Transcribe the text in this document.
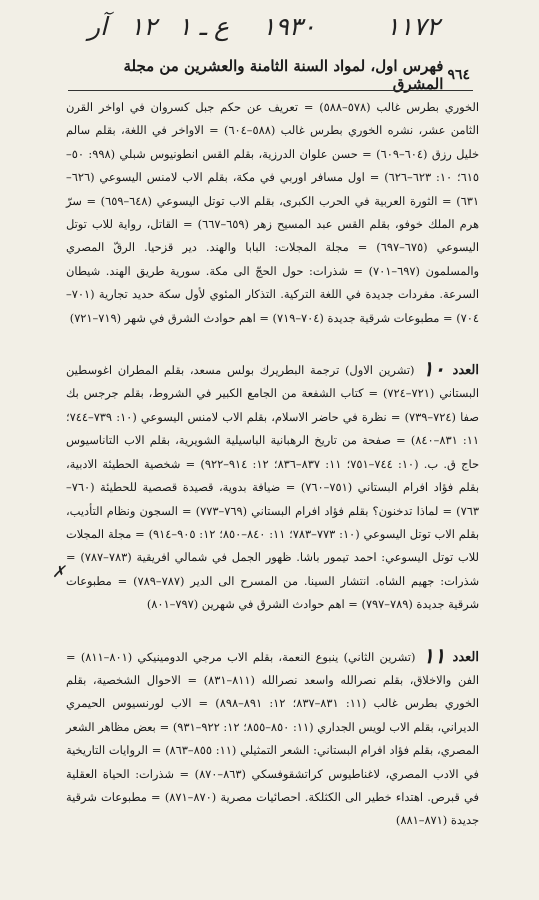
آر ١٢ ـ ١ ع ١٩٣٠	١١٧٢
٩٦٤
فهرس اول، لمواد السنة الثامنة والعشرين من مجلة المشرق

الخوري بطرس غالب (٥٧٨–٥٨٨) = تعريف عن حكم جبل كسروان في اواخر القرن الثامن عشر، نشره الخوري بطرس غالب (٥٨٨–٦٠٤) = الاواخر في اللغة، بقلم سالم خليل رزق (٦٠٤–٦٠٩) = حسن علوان الدرزية، بقلم القس انطونيوس شبلي (٩٩٨: ٥٠–٦١٥؛ ١٠: ٦٢٣–٦٢٦) = اول مسافر اوربي في مكة، بقلم الاب لامنس اليسوعي (٦٢٦–٦٣١) = الثورة العربية في الحرب الكبرى، بقلم الاب توتل اليسوعي (٦٤٨–٦٥٩) = سرّ هرم الملك خوفو، بقلم القس عبد المسيح زهر (٦٥٩–٦٦٧) = القاتل، رواية للاب توتل اليسوعي (٦٧٥–٦٩٧) = مجلة المجلات: البابا والهند. دير قزحيا. الرقّ المصري والمسلمون (٦٩٧–٧٠١) = شذرات: حول الحجّ الى مكة. سورية طريق الهند. شيطان السرعة. مفردات جديدة في اللغة التركية. التذكار المئوي لأول سكة حديد تجارية (٧٠١–٧٠٤) = مطبوعات شرقية جديدة (٧٠٤–٧١٩) = اهم حوادث الشرق في شهر (٧١٩–٧٢١)

العدد ١٠ (تشرين الاول) ترجمة البطريرك بولس مسعد، بقلم المطران اغوسطين البستاني (٧٢١–٧٢٤) = كتاب الشفعة من الجامع الكبير في الشروط، بقلم جرجس بك صفا (٧٢٤–٧٣٩) = نظرة في حاضر الاسلام، بقلم الاب لامنس اليسوعي (١٠: ٧٣٩–٧٤٤؛ ١١: ٨٣١–٨٤٠) = صفحة من تاريخ الرهبانية الباسيلية الشويرية، بقلم الاب التاناسيوس حاج ق. ب. (١٠: ٧٤٤–٧٥١؛ ١١: ٨٣٧–٨٣٦؛ ١٢: ٩١٤–٩٢٢) = شخصية الحطيئة الادبية، بقلم فؤاد افرام البستاني (٧٥١–٧٦٠) = ضيافة بدوية، قصيدة قصصية للحطيئة (٧٦٠–٧٦٣) = لماذا تدخنون؟ بقلم فؤاد افرام البستاني (٧٦٩–٧٧٣) = السجون ونظام التأديب، بقلم الاب توتل اليسوعي (١٠: ٧٧٣–٧٨٣؛ ١١: ٨٤٠–٨٥٠؛ ١٢: ٩٠٥–٩١٤) = مجلة المجلات للاب توتل اليسوعي: احمد تيمور باشا. ظهور الجمل في شمالي افريقية (٧٨٣–٧٨٧) = شذرات: جهيم الشاه. انتشار السينا. من المسرح الى الدير (٧٨٧–٧٨٩) = مطبوعات شرقية جديدة (٧٨٩–٧٩٧) = اهم حوادث الشرق في شهرين (٧٩٧–٨٠١)

العدد ١١ (تشرين الثاني) ينبوع النعمة، بقلم الاب مرجي الدومينيكي (٨٠١–٨١١) = الفن والاخلاق، بقلم نصرالله واسعد نصرالله (٨١١–٨٣١) = الاحوال الشخصية، بقلم الخوري بطرس غالب (١١: ٨٣١–٨٣٧؛ ١٢: ٨٩١–٨٩٨) = الاب لورنسيوس الحيمري الديراني، بقلم الاب لويس الجداري (١١: ٨٥٠–٨٥٥؛ ١٢: ٩٢٢–٩٣١) = بعض مظاهر الشعر المصري، بقلم فؤاد افرام البستاني: الشعر التمثيلي (١١: ٨٥٥–٨٦٣) = الروايات التاريخية في الادب المصري، لاغناطيوس كراتشقوفسكي (٨٦٣–٨٧٠) = شذرات: الحياة العقلية في قبرص. اهتداء خطير الى الكثلكة. احصائيات مصرية (٨٧٠–٨٧١) = مطبوعات شرقية جديدة (٨٧١–٨٨١)

✗
